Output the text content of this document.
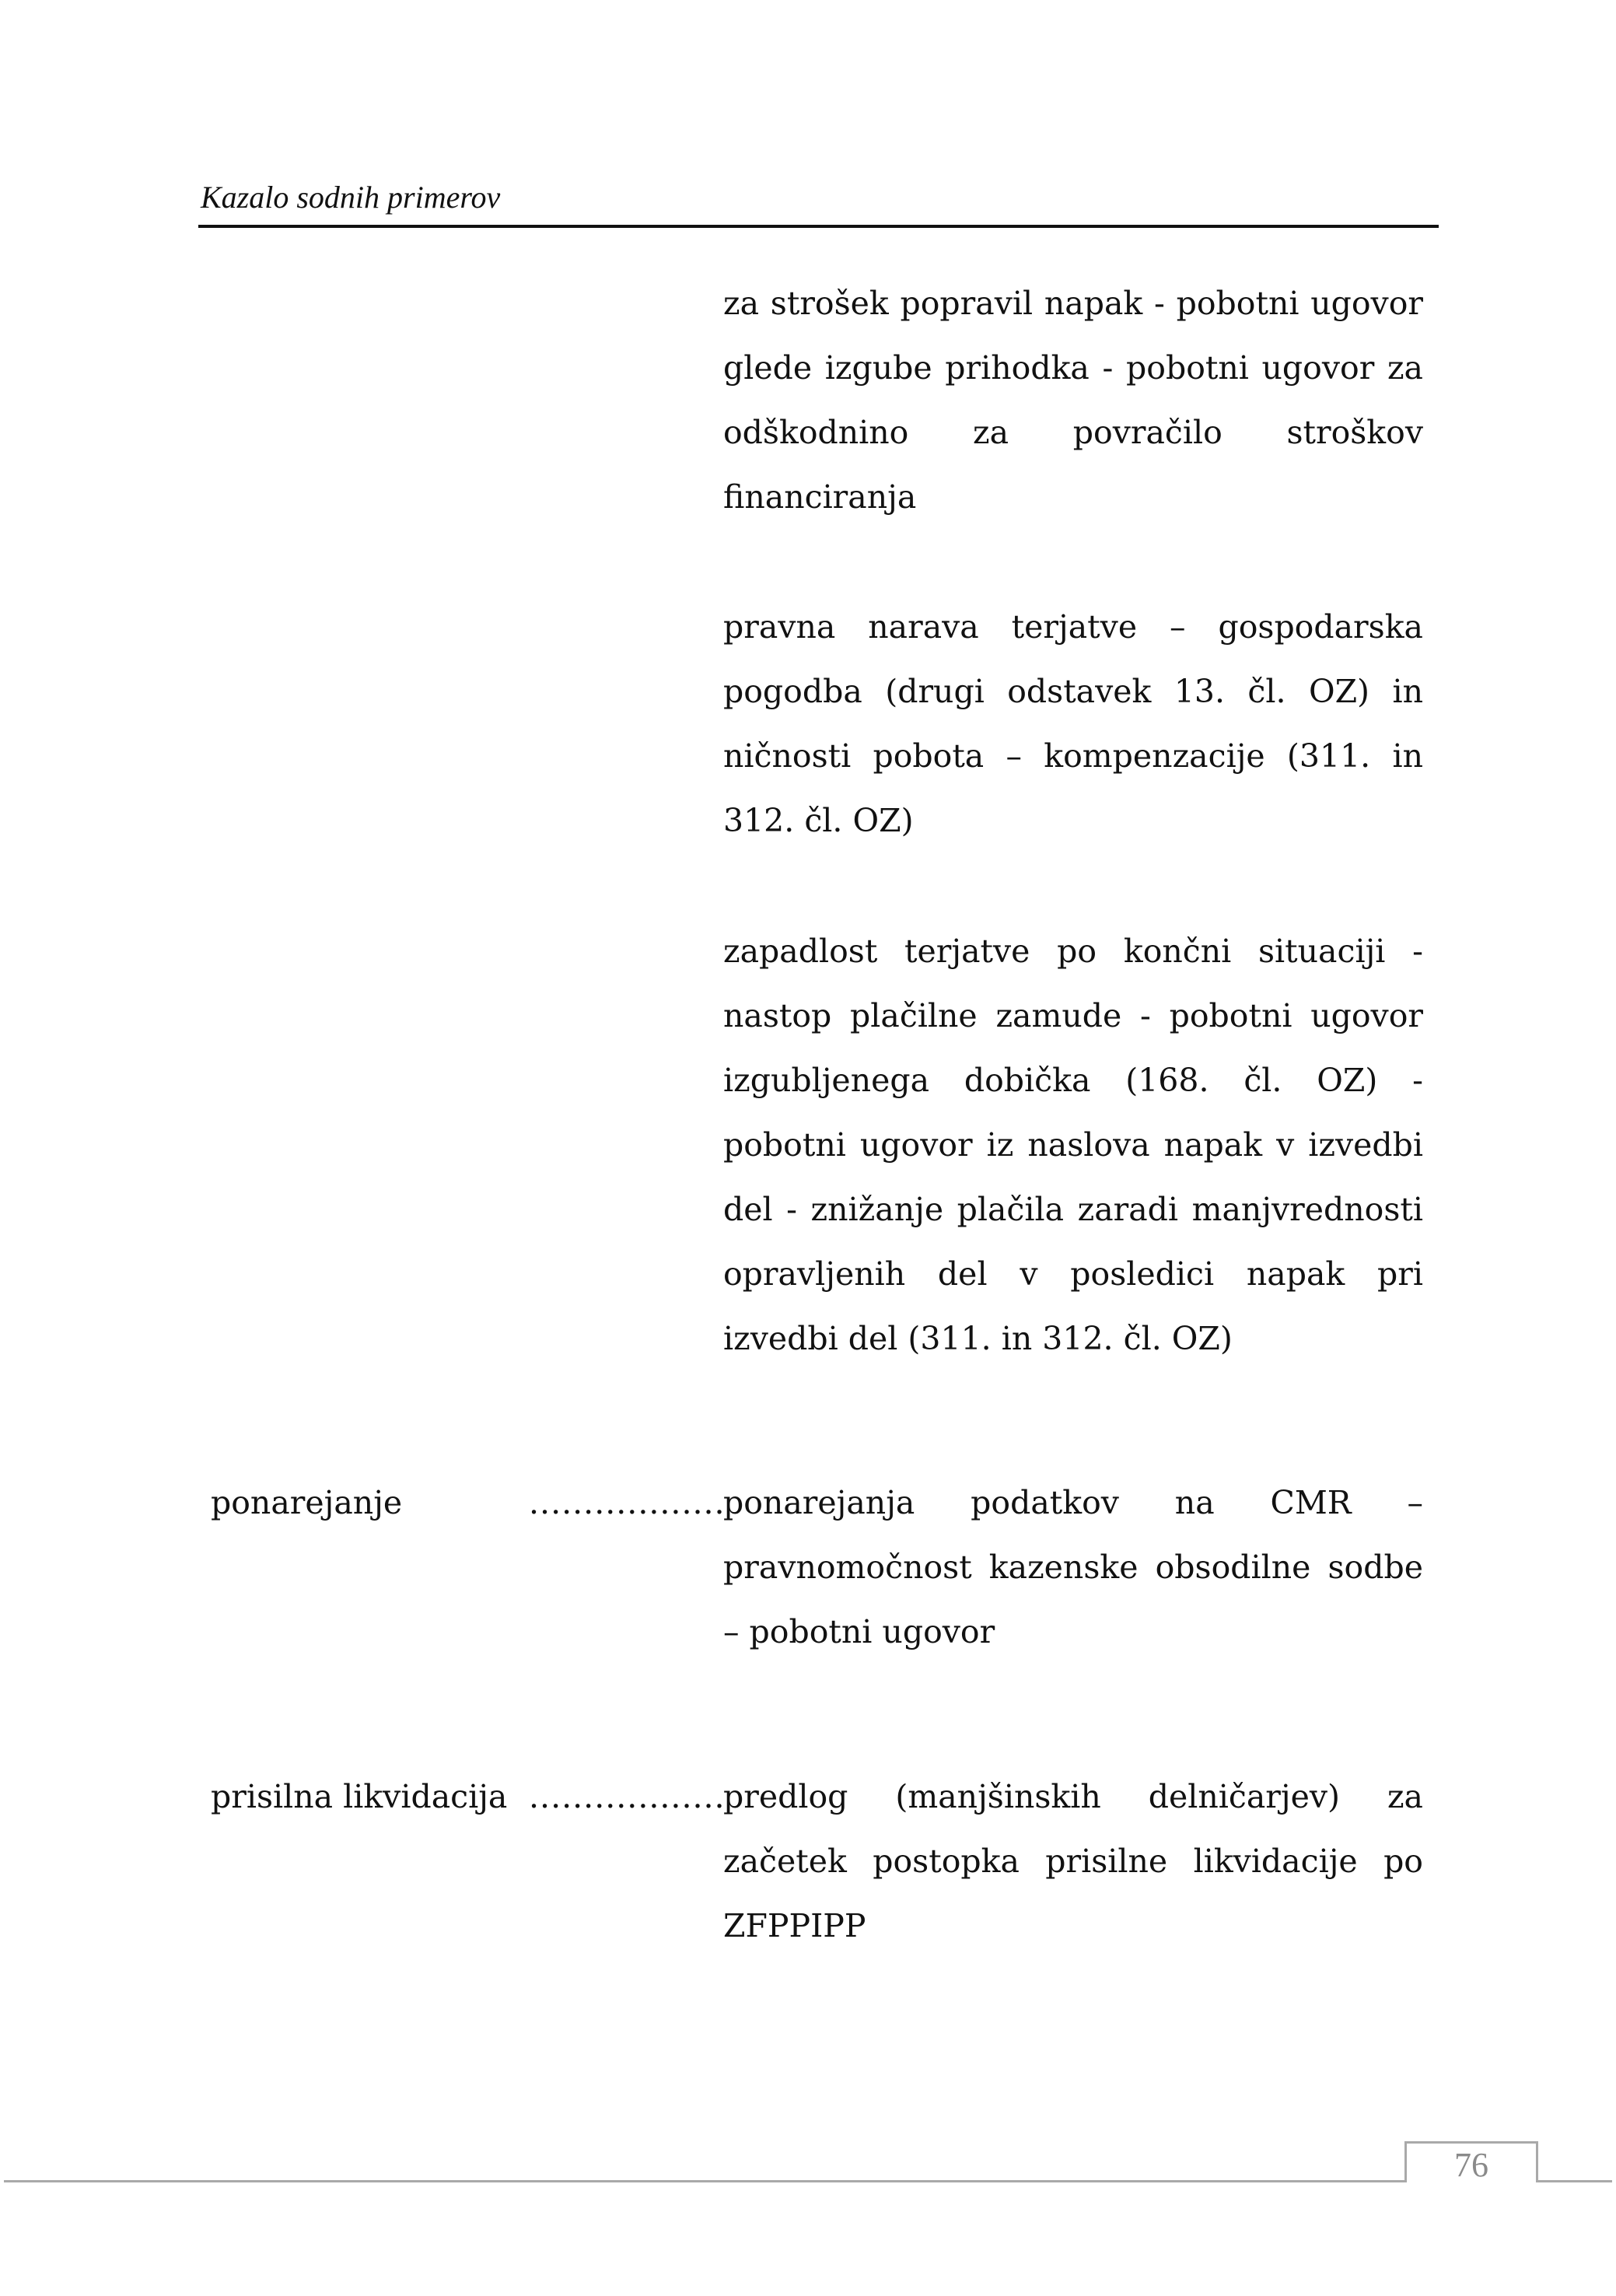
Kazalo sodnih primerov
za strošek popravil napak - pobotni ugovor glede izgube prihodka - pobotni ugovor za odškodnino za povračilo stroškov financiranja
pravna narava terjatve – gospodarska pogodba (drugi odstavek 13. čl. OZ) in ničnosti pobota – kompenzacije (311. in 312. čl. OZ)
zapadlost terjatve po končni situaciji - nastop plačilne zamude - pobotni ugovor izgubljenega dobička (168. čl. OZ) - pobotni ugovor iz naslova napak v izvedbi del - znižanje plačila zaradi manjvrednosti opravljenih del v posledici napak pri izvedbi del (311. in 312. čl. OZ)
ponarejanje	..................
ponarejanja podatkov na CMR – pravnomočnost kazenske obsodilne sodbe – pobotni ugovor
prisilna likvidacija ..................
predlog (manjšinskih delničarjev) za začetek postopka prisilne likvidacije po ZFPPIPP
76
